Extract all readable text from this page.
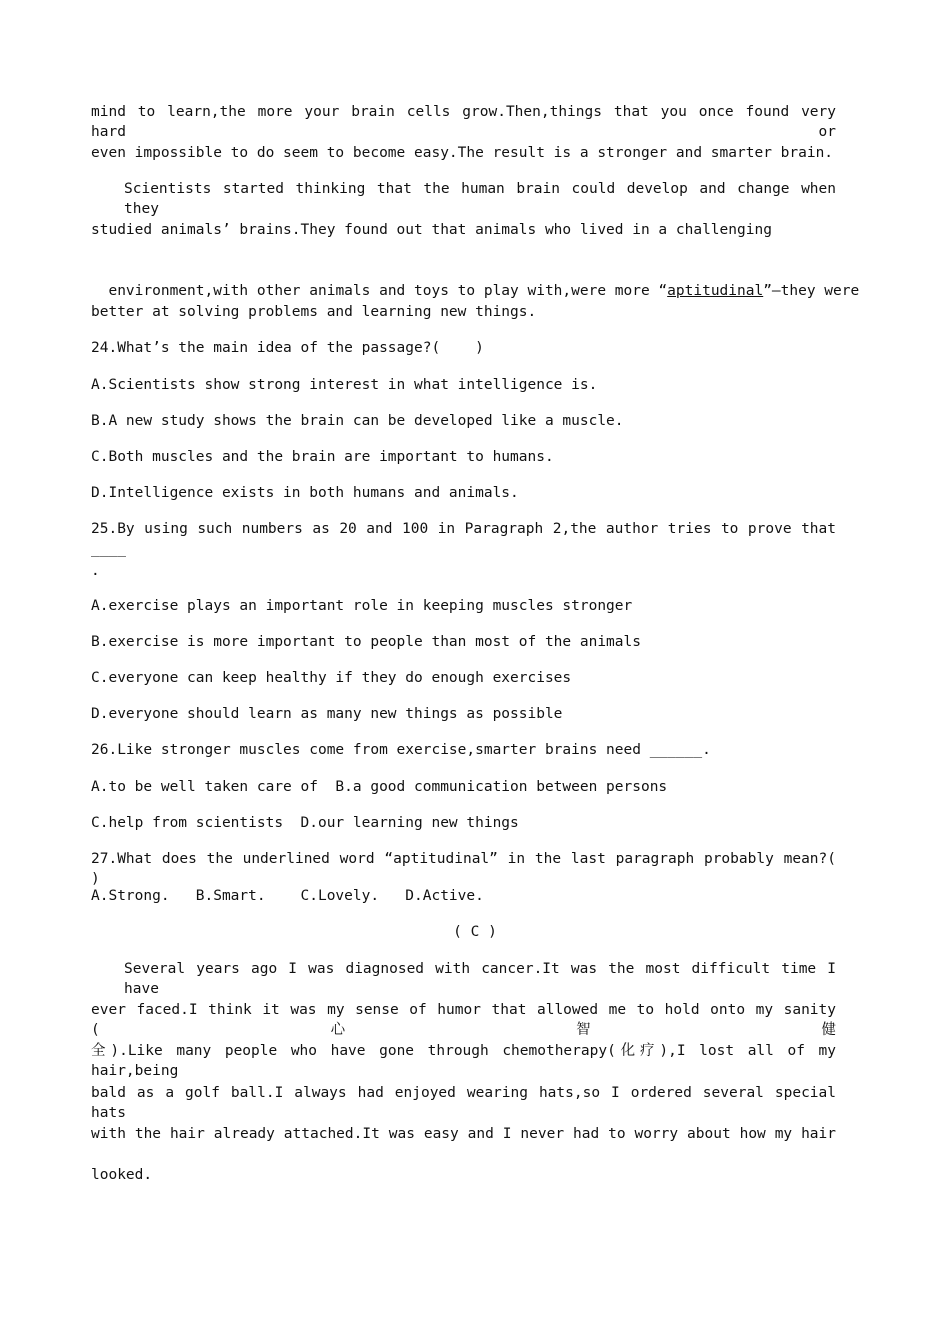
mind to learn,the more your brain cells grow.Then,things that you once found very hard or
even impossible to do seem to become easy.The result is a stronger and smarter brain.
Scientists started thinking that the human brain could develop and change when they
studied animals’ brains.They found out that animals who lived in a challenging

environment,with other animals and toys to play with,were more “aptitudinal”—they were

better at solving problems and learning new things.
24.What’s the main idea of the passage?(    )
A.Scientists show strong interest in what intelligence is.
B.A new study shows the brain can be developed like a muscle.
C.Both muscles and the brain are important to humans.
D.Intelligence exists in both humans and animals.
25.By using such numbers as 20 and 100 in Paragraph 2,the author tries to prove that ____
.
A.exercise plays an important role in keeping muscles stronger
B.exercise is more important to people than most of the animals
C.everyone can keep healthy if they do enough exercises
D.everyone should learn as many new things as possible
26.Like stronger muscles come from exercise,smarter brains need ______.
A.to be well taken care of  B.a good communication between persons
C.help from scientists  D.our learning new things
27.What does the underlined word “aptitudinal” in the last paragraph probably mean?( )
A.Strong.   B.Smart.    C.Lovely.   D.Active.
( C )
Several years ago I was diagnosed with cancer.It was the most difficult time I have
ever faced.I think it was my sense of humor that allowed me to hold onto my sanity (心智健
全).Like many people who have gone through chemotherapy(化疗),I lost all of my hair,being
bald as a golf ball.I always had enjoyed wearing hats,so I ordered several special hats
with the hair already attached.It was easy and I never had to worry about how my hair
looked.
